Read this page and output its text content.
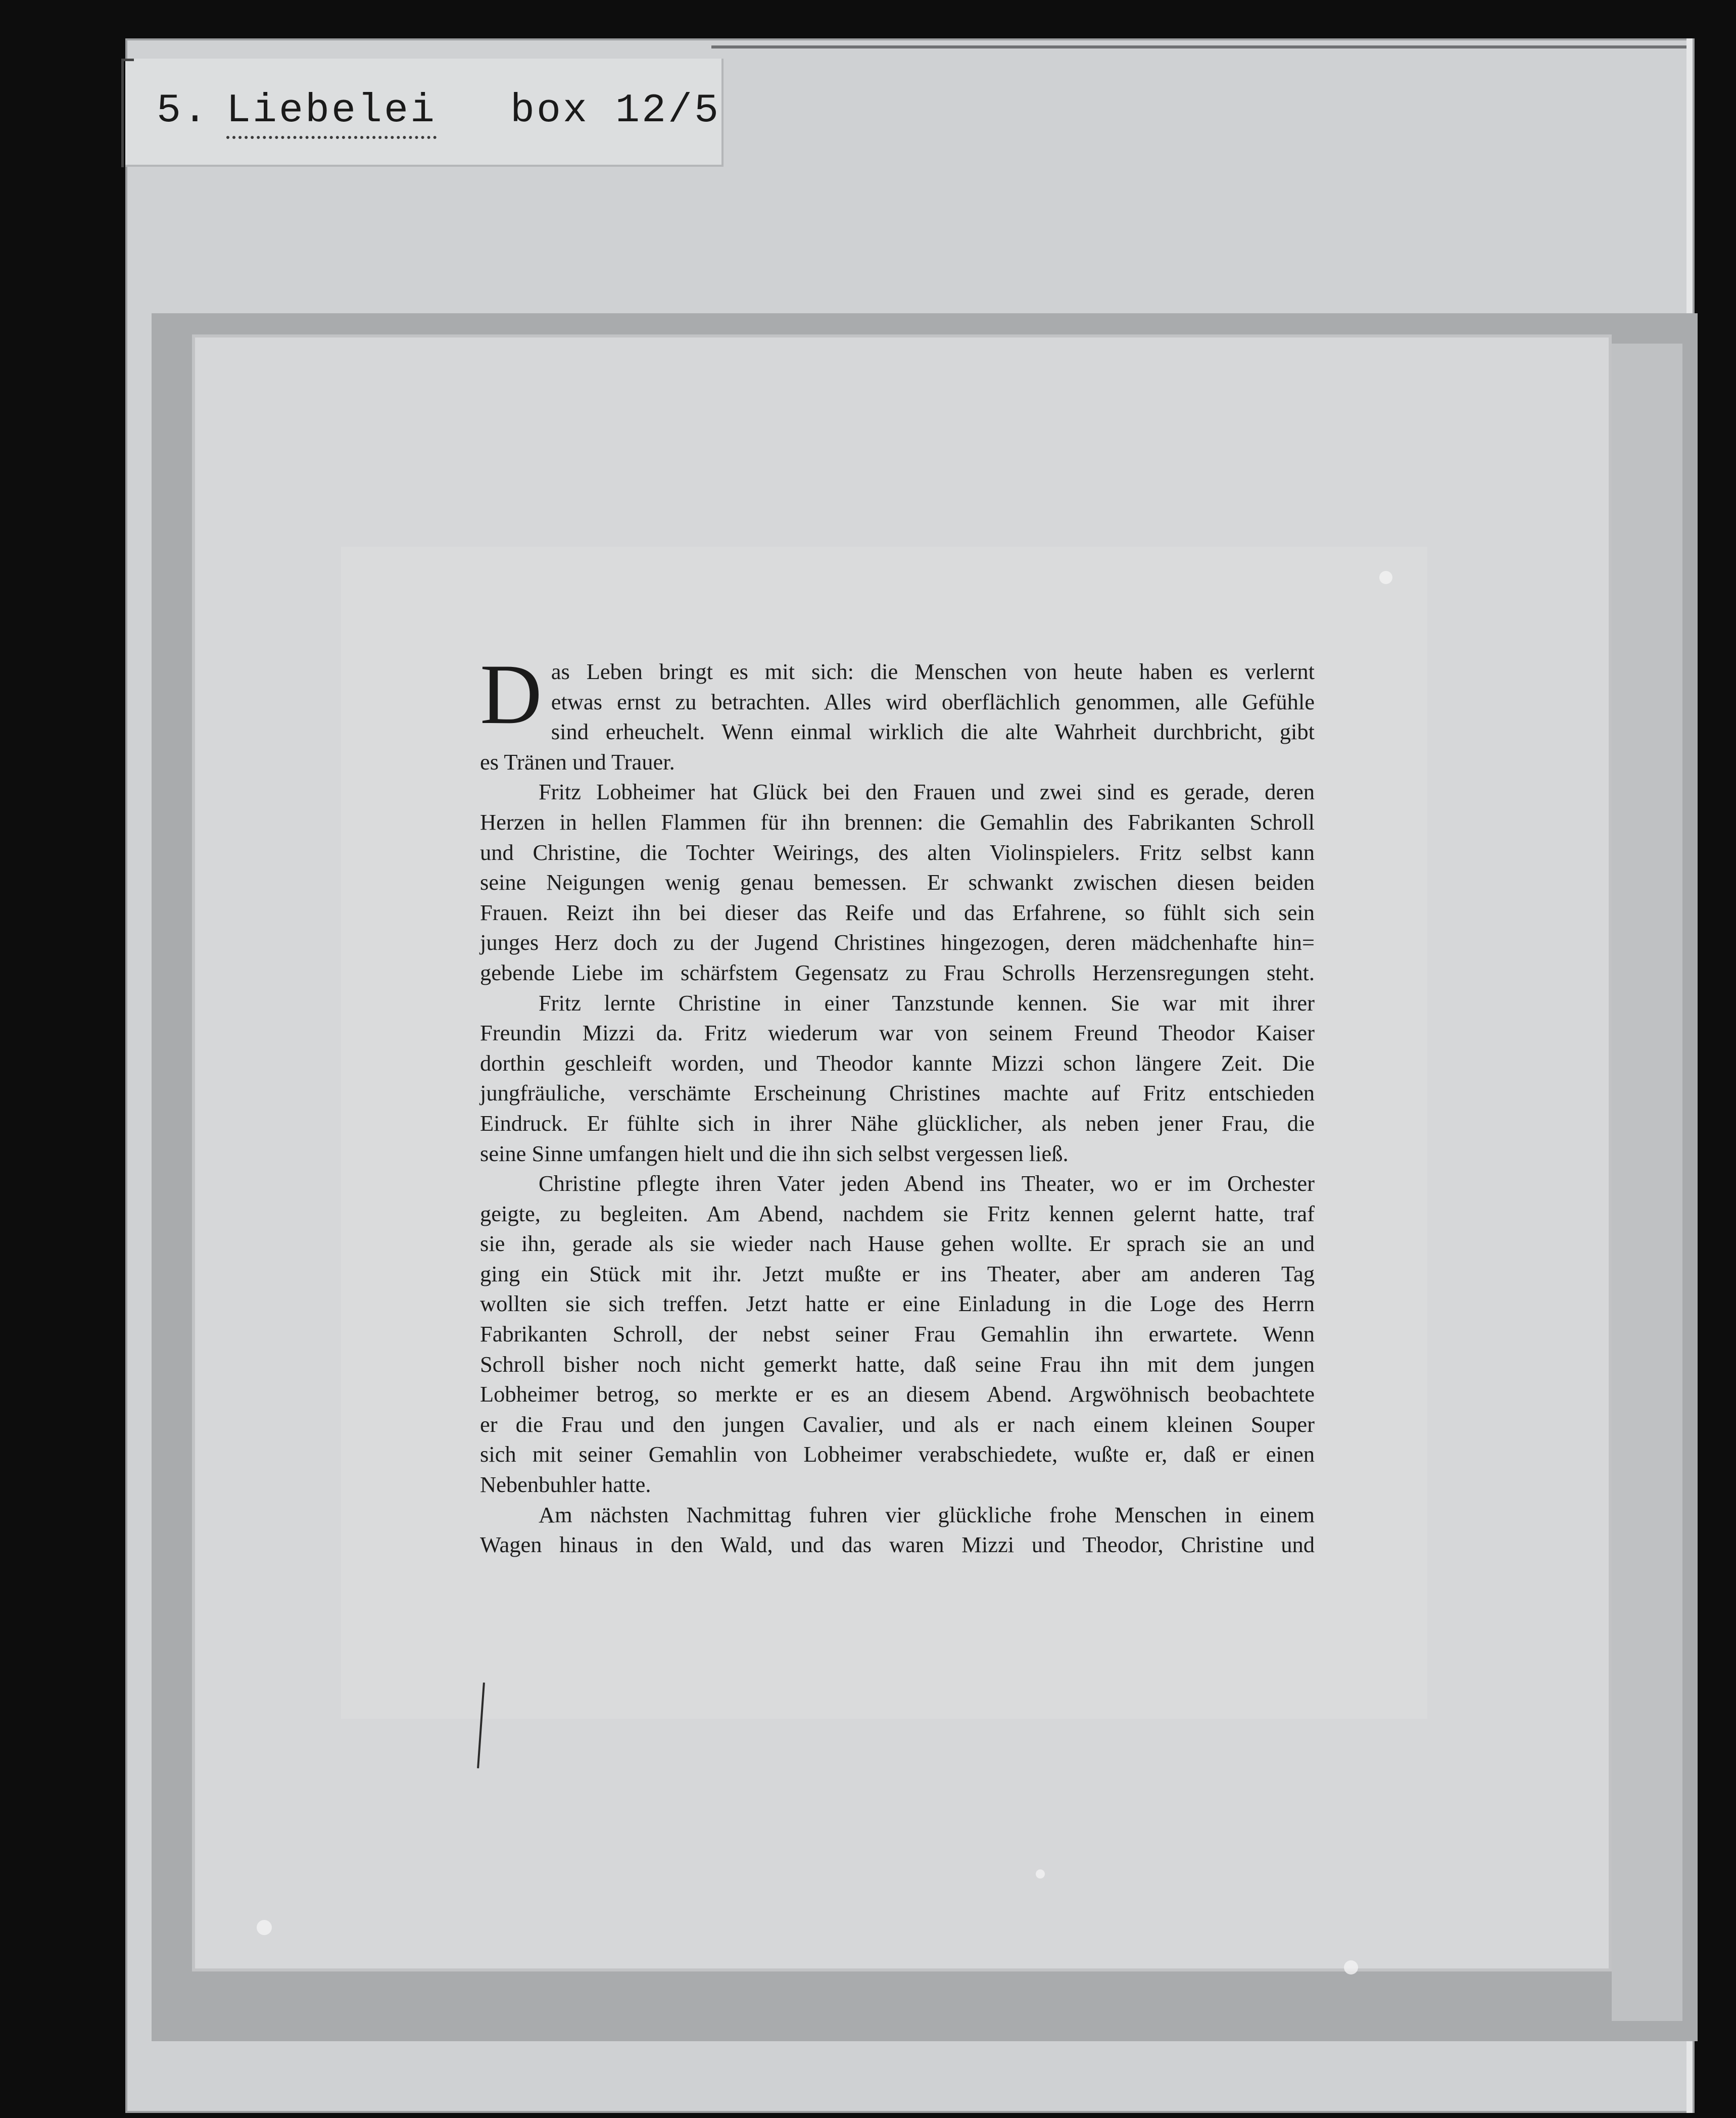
5. Liebelei box 12/5
D as Leben bringt es mit sich: die Menschen von heute haben es verlernt
etwas ernst zu betrachten. Alles wird oberflächlich genommen, alle Gefühle
sind erheuchelt. Wenn einmal wirklich die alte Wahrheit durchbricht, gibt
es Tränen und Trauer.
Fritz Lobheimer hat Glück bei den Frauen und zwei sind es gerade, deren
Herzen in hellen Flammen für ihn brennen: die Gemahlin des Fabrikanten Schroll
und Christine, die Tochter Weirings, des alten Violinspielers. Fritz selbst kann
seine Neigungen wenig genau bemessen. Er schwankt zwischen diesen beiden
Frauen. Reizt ihn bei dieser das Reife und das Erfahrene, so fühlt sich sein
junges Herz doch zu der Jugend Christines hingezogen, deren mädchenhafte hin=
gebende Liebe im schärfstem Gegensatz zu Frau Schrolls Herzensregungen steht.
Fritz lernte Christine in einer Tanzstunde kennen. Sie war mit ihrer
Freundin Mizzi da. Fritz wiederum war von seinem Freund Theodor Kaiser
dorthin geschleift worden, und Theodor kannte Mizzi schon längere Zeit. Die
jungfräuliche, verschämte Erscheinung Christines machte auf Fritz entschieden
Eindruck. Er fühlte sich in ihrer Nähe glücklicher, als neben jener Frau, die
seine Sinne umfangen hielt und die ihn sich selbst vergessen ließ.
Christine pflegte ihren Vater jeden Abend ins Theater, wo er im Orchester
geigte, zu begleiten. Am Abend, nachdem sie Fritz kennen gelernt hatte, traf
sie ihn, gerade als sie wieder nach Hause gehen wollte. Er sprach sie an und
ging ein Stück mit ihr. Jetzt mußte er ins Theater, aber am anderen Tag
wollten sie sich treffen. Jetzt hatte er eine Einladung in die Loge des Herrn
Fabrikanten Schroll, der nebst seiner Frau Gemahlin ihn erwartete. Wenn
Schroll bisher noch nicht gemerkt hatte, daß seine Frau ihn mit dem jungen
Lobheimer betrog, so merkte er es an diesem Abend. Argwöhnisch beobachtete
er die Frau und den jungen Cavalier, und als er nach einem kleinen Souper
sich mit seiner Gemahlin von Lobheimer verabschiedete, wußte er, daß er einen
Nebenbuhler hatte.
Am nächsten Nachmittag fuhren vier glückliche frohe Menschen in einem
Wagen hinaus in den Wald, und das waren Mizzi und Theodor, Christine und
